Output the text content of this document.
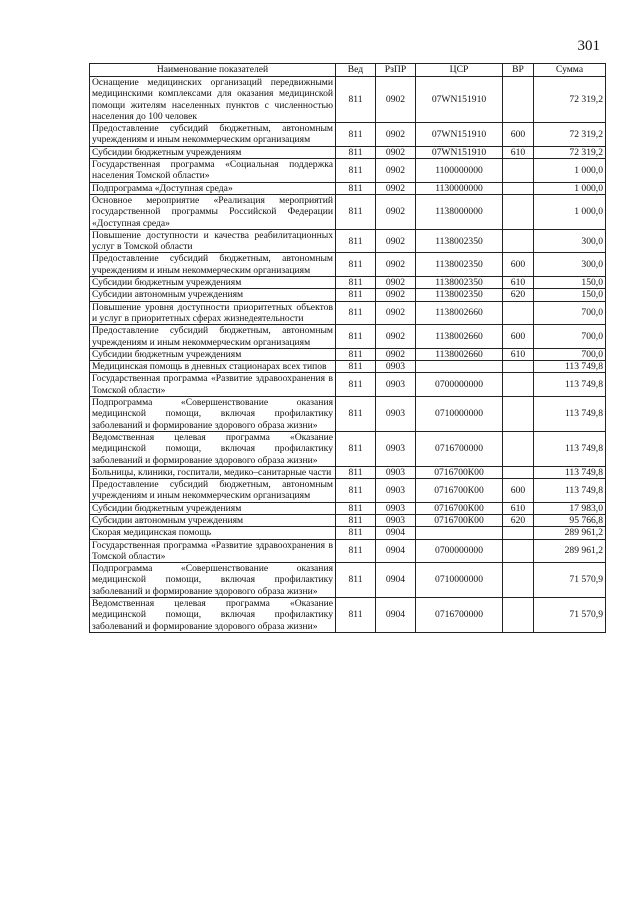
301
Наименование показателей	Вед	РзПР	ЦСР	ВР	Сумма
Оснащение медицинских организаций передвижными медицинскими комплексами для оказания медицинской помощи жителям населенных пунктов с численностью населения до 100 человек	811	0902	07WN151910		72 319,2
Предоставление субсидий бюджетным, автономным учреждениям и иным некоммерческим организациям	811	0902	07WN151910	600	72 319,2
Субсидии бюджетным учреждениям	811	0902	07WN151910	610	72 319,2
Государственная программа «Социальная поддержка населения Томской области»	811	0902	1100000000		1 000,0
Подпрограмма «Доступная среда»	811	0902	1130000000		1 000,0
Основное мероприятие «Реализация мероприятий государственной программы Российской Федерации «Доступная среда»	811	0902	1138000000		1 000,0
Повышение доступности и качества реабилитационных услуг в Томской области	811	0902	1138002350		300,0
Предоставление субсидий бюджетным, автономным учреждениям и иным некоммерческим организациям	811	0902	1138002350	600	300,0
Субсидии бюджетным учреждениям	811	0902	1138002350	610	150,0
Субсидии автономным учреждениям	811	0902	1138002350	620	150,0
Повышение уровня доступности приоритетных объектов и услуг в приоритетных сферах жизнедеятельности	811	0902	1138002660		700,0
Предоставление субсидий бюджетным, автономным учреждениям и иным некоммерческим организациям	811	0902	1138002660	600	700,0
Субсидии бюджетным учреждениям	811	0902	1138002660	610	700,0
Медицинская помощь в дневных стационарах всех типов	811	0903			113 749,8
Государственная программа «Развитие здравоохранения в Томской области»	811	0903	0700000000		113 749,8
Подпрограмма «Совершенствование оказания медицинской помощи, включая профилактику заболеваний и формирование здорового образа жизни»	811	0903	0710000000		113 749,8
Ведомственная целевая программа «Оказание медицинской помощи, включая профилактику заболеваний и формирование здорового образа жизни»	811	0903	0716700000		113 749,8
Больницы, клиники, госпитали, медико–санитарные части	811	0903	0716700К00		113 749,8
Предоставление субсидий бюджетным, автономным учреждениям и иным некоммерческим организациям	811	0903	0716700К00	600	113 749,8
Субсидии бюджетным учреждениям	811	0903	0716700К00	610	17 983,0
Субсидии автономным учреждениям	811	0903	0716700К00	620	95 766,8
Скорая медицинская помощь	811	0904			289 961,2
Государственная программа «Развитие здравоохранения в Томской области»	811	0904	0700000000		289 961,2
Подпрограмма «Совершенствование оказания медицинской помощи, включая профилактику заболеваний и формирование здорового образа жизни»	811	0904	0710000000		71 570,9
Ведомственная целевая программа «Оказание медицинской помощи, включая профилактику заболеваний и формирование здорового образа жизни»	811	0904	0716700000		71 570,9
